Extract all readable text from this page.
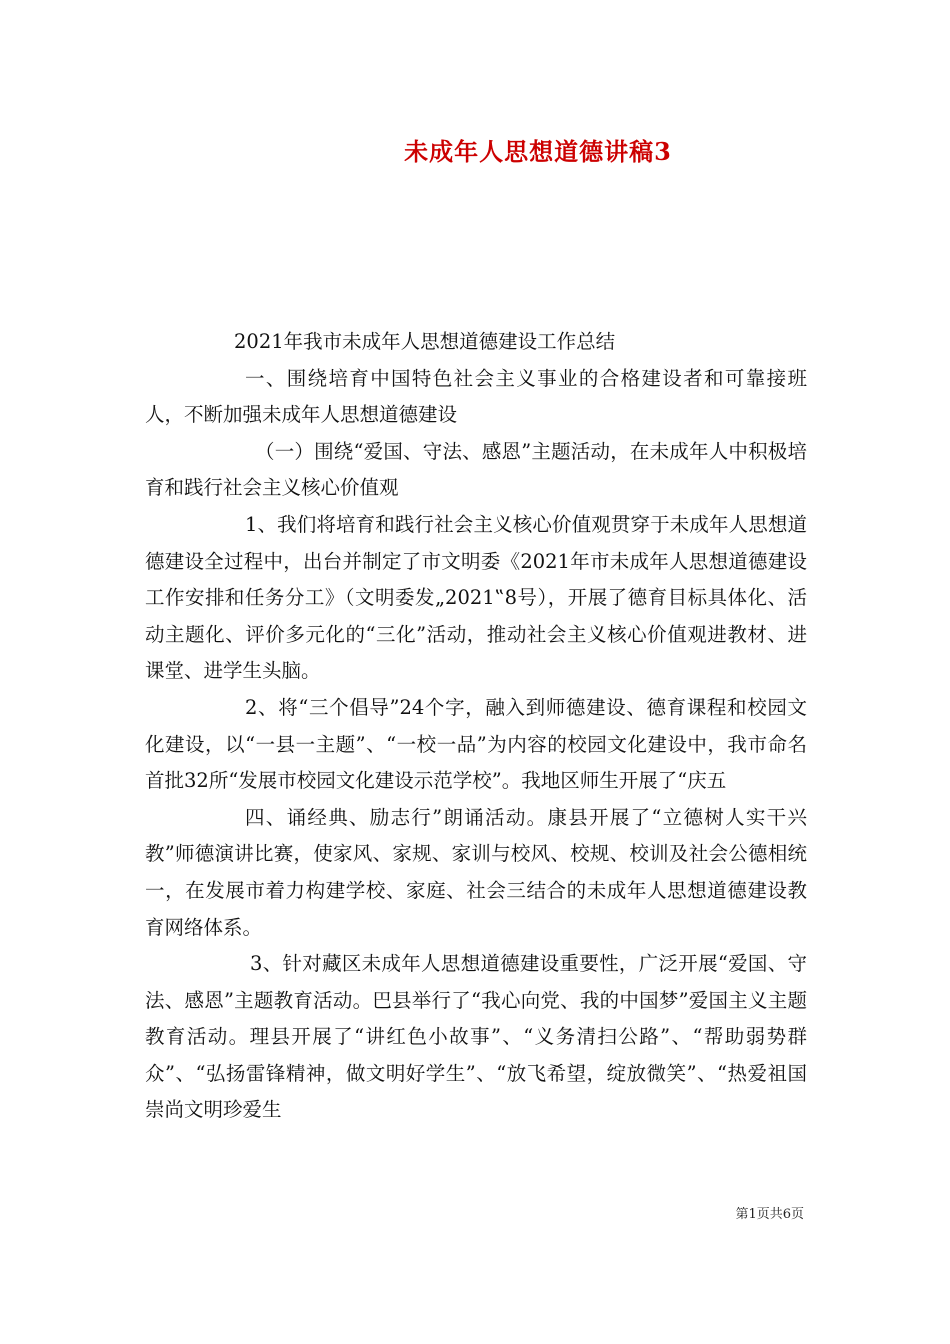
未成年人思想道德讲稿3

2021年我市未成年人思想道德建设工作总结

一、围绕培育中国特色社会主义事业的合格建设者和可靠接班人，不断加强未成年人思想道德建设

（一）围绕“爱国、守法、感恩”主题活动，在未成年人中积极培育和践行社会主义核心价值观

1、我们将培育和践行社会主义核心价值观贯穿于未成年人思想道德建设全过程中，出台并制定了市文明委《2021年市未成年人思想道德建设工作安排和任务分工》（文明委发„2021‟8号），开展了德育目标具体化、活动主题化、评价多元化的“三化”活动，推动社会主义核心价值观进教材、进课堂、进学生头脑。

2、将“三个倡导”24个字，融入到师德建设、德育课程和校园文化建设，以“一县一主题”、“一校一品”为内容的校园文化建设中，我市命名首批32所“发展市校园文化建设示范学校”。我地区师生开展了“庆五

四、诵经典、励志行”朗诵活动。康县开展了“立德树人实干兴教”师德演讲比赛，使家风、家规、家训与校风、校规、校训及社会公德相统一，在发展市着力构建学校、家庭、社会三结合的未成年人思想道德建设教育网络体系。

3、针对藏区未成年人思想道德建设重要性，广泛开展“爱国、守法、感恩”主题教育活动。巴县举行了“我心向党、我的中国梦”爱国主义主题教育活动。理县开展了“讲红色小故事”、“义务清扫公路”、“帮助弱势群众”、“弘扬雷锋精神，做文明好学生”、“放飞希望，绽放微笑”、“热爱祖国崇尚文明珍爱生

第1页共6页
